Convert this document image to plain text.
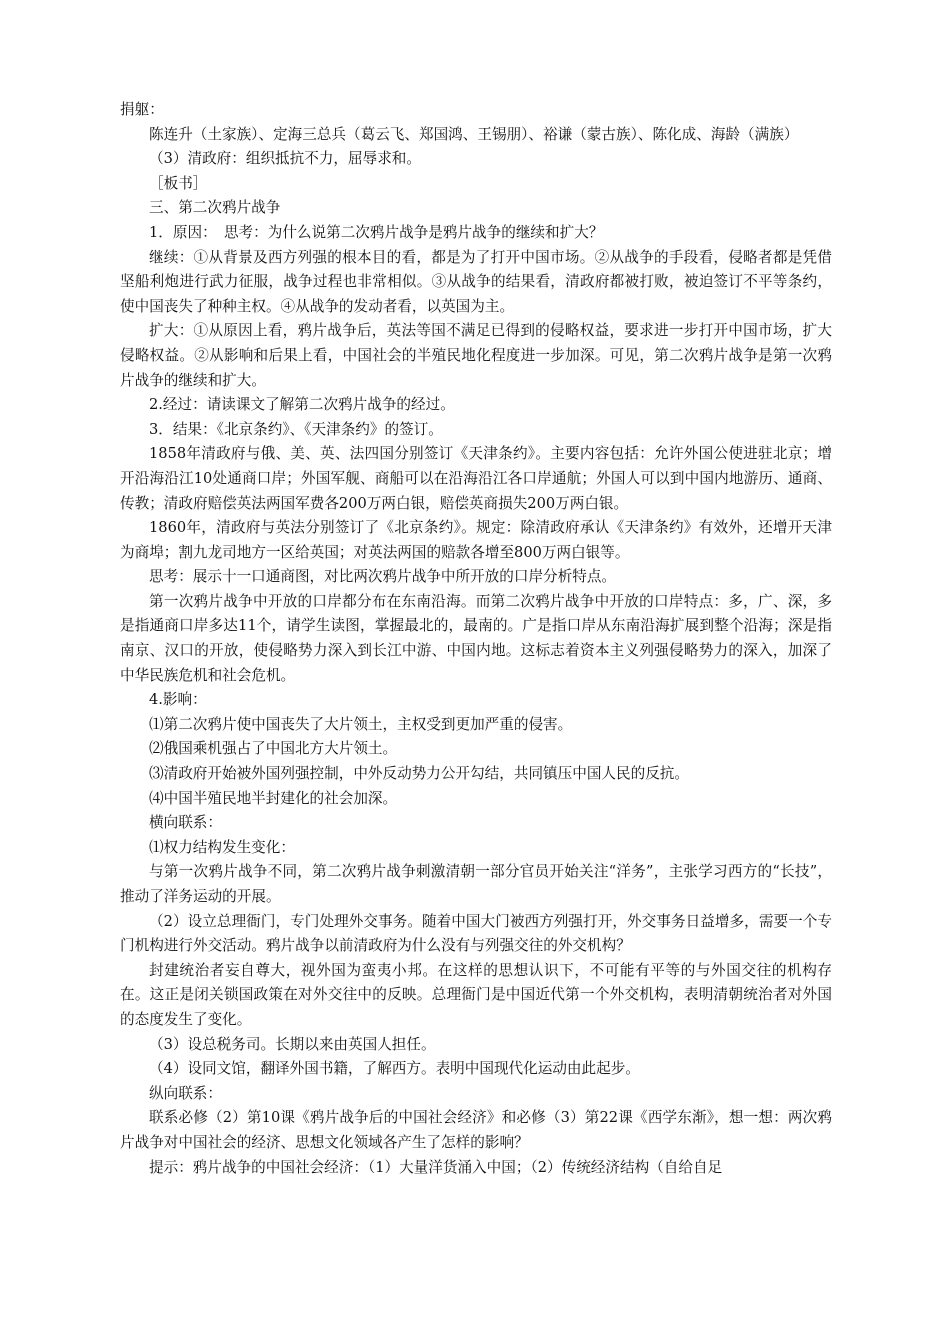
捐躯：

陈连升（土家族）、定海三总兵（葛云飞、郑国鸿、王锡朋）、裕谦（蒙古族）、陈化成、海龄（满族）

（3）清政府：组织抵抗不力，屈辱求和。

［板书］

三、第二次鸦片战争

1．原因：　思考：为什么说第二次鸦片战争是鸦片战争的继续和扩大？

继续：①从背景及西方列强的根本目的看，都是为了打开中国市场。②从战争的手段看，侵略者都是凭借坚船利炮进行武力征服，战争过程也非常相似。③从战争的结果看，清政府都被打败，被迫签订不平等条约，使中国丧失了种种主权。④从战争的发动者看，以英国为主。

扩大：①从原因上看，鸦片战争后，英法等国不满足已得到的侵略权益，要求进一步打开中国市场，扩大侵略权益。②从影响和后果上看，中国社会的半殖民地化程度进一步加深。可见，第二次鸦片战争是第一次鸦片战争的继续和扩大。

2.经过：请读课文了解第二次鸦片战争的经过。

3．结果：《北京条约》、《天津条约》的签订。

1858年清政府与俄、美、英、法四国分别签订《天津条约》。主要内容包括：允许外国公使进驻北京；增开沿海沿江10处通商口岸；外国军舰、商船可以在沿海沿江各口岸通航；外国人可以到中国内地游历、通商、传教；清政府赔偿英法两国军费各200万两白银，赔偿英商损失200万两白银。

1860年，清政府与英法分别签订了《北京条约》。规定：除清政府承认《天津条约》有效外，还增开天津为商埠；割九龙司地方一区给英国；对英法两国的赔款各增至800万两白银等。

思考：展示十一口通商图，对比两次鸦片战争中所开放的口岸分析特点。

第一次鸦片战争中开放的口岸都分布在东南沿海。而第二次鸦片战争中开放的口岸特点：多，广、深，多是指通商口岸多达11个，请学生读图，掌握最北的，最南的。广是指口岸从东南沿海扩展到整个沿海；深是指南京、汉口的开放，使侵略势力深入到长江中游、中国内地。这标志着资本主义列强侵略势力的深入，加深了中华民族危机和社会危机。

4.影响：

⑴第二次鸦片使中国丧失了大片领土，主权受到更加严重的侵害。

⑵俄国乘机强占了中国北方大片领土。

⑶清政府开始被外国列强控制，中外反动势力公开勾结，共同镇压中国人民的反抗。

⑷中国半殖民地半封建化的社会加深。

横向联系：

⑴权力结构发生变化：

与第一次鸦片战争不同，第二次鸦片战争刺激清朝一部分官员开始关注“洋务”，主张学习西方的“长技”，推动了洋务运动的开展。

（2）设立总理衙门，专门处理外交事务。随着中国大门被西方列强打开，外交事务日益增多，需要一个专门机构进行外交活动。鸦片战争以前清政府为什么没有与列强交往的外交机构？

封建统治者妄自尊大，视外国为蛮夷小邦。在这样的思想认识下，不可能有平等的与外国交往的机构存在。这正是闭关锁国政策在对外交往中的反映。总理衙门是中国近代第一个外交机构，表明清朝统治者对外国的态度发生了变化。

（3）设总税务司。长期以来由英国人担任。

（4）设同文馆，翻译外国书籍，了解西方。表明中国现代化运动由此起步。

纵向联系：

联系必修（2）第10课《鸦片战争后的中国社会经济》和必修（3）第22课《西学东渐》，想一想：两次鸦片战争对中国社会的经济、思想文化领域各产生了怎样的影响？

提示：鸦片战争的中国社会经济：（1）大量洋货涌入中国；（2）传统经济结构（自给自足
